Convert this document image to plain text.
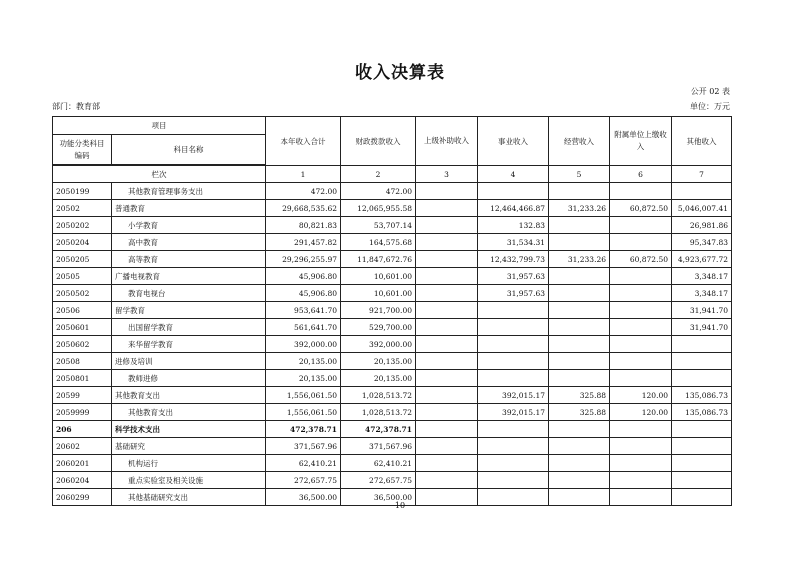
收入决算表
公开 02 表
部门：教育部	单位：万元
项目		本年收入合计	财政拨款收入	上级补助收入	事业收入	经营收入	附属单位上缴收入	其他收入
功能分类科目编码	科目名称							

栏次		1	2	3	4	5	6	7
2050199	其他教育管理事务支出	472.00	472.00					
20502	普通教育	29,668,535.62	12,065,955.58		12,464,466.87	31,233.26	60,872.50	5,046,007.41
2050202	小学教育	80,821.83	53,707.14		132.83			26,981.86
2050204	高中教育	291,457.82	164,575.68		31,534.31			95,347.83
2050205	高等教育	29,296,255.97	11,847,672.76		12,432,799.73	31,233.26	60,872.50	4,923,677.72
20505	广播电视教育	45,906.80	10,601.00		31,957.63			3,348.17
2050502	教育电视台	45,906.80	10,601.00		31,957.63			3,348.17
20506	留学教育	953,641.70	921,700.00					31,941.70
2050601	出国留学教育	561,641.70	529,700.00					31,941.70
2050602	来华留学教育	392,000.00	392,000.00					
20508	进修及培训	20,135.00	20,135.00					
2050801	教师进修	20,135.00	20,135.00					
20599	其他教育支出	1,556,061.50	1,028,513.72		392,015.17	325.88	120.00	135,086.73
2059999	其他教育支出	1,556,061.50	1,028,513.72		392,015.17	325.88	120.00	135,086.73
206	科学技术支出	472,378.71	472,378.71					
20602	基础研究	371,567.96	371,567.96					
2060201	机构运行	62,410.21	62,410.21					
2060204	重点实验室及相关设施	272,657.75	272,657.75					
2060299	其他基础研究支出	36,500.00	36,500.00					
10
